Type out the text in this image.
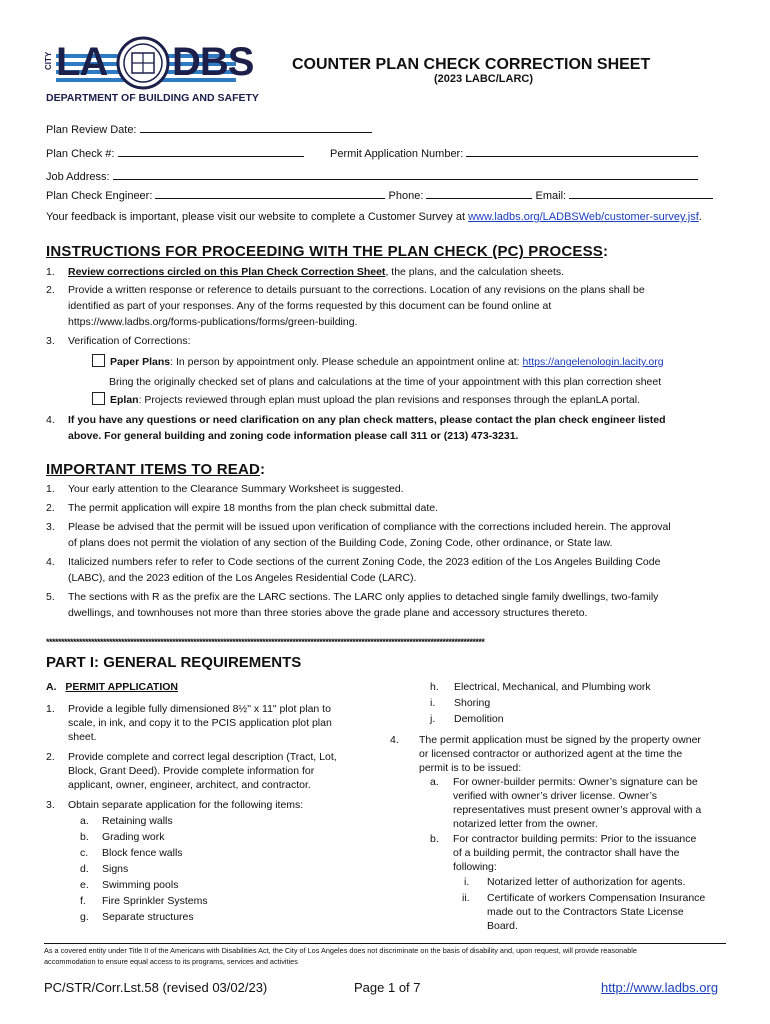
CITY LA DBS
DEPARTMENT OF BUILDING AND SAFETY
COUNTER PLAN CHECK CORRECTION SHEET
(2023 LABC/LARC)
Plan Review Date:
Plan Check #:	Permit Application Number:
Job Address:
Plan Check Engineer:	Phone:	Email:
Your feedback is important, please visit our website to complete a Customer Survey at www.ladbs.org/LADBSWeb/customer-survey.jsf.
INSTRUCTIONS FOR PROCEEDING WITH THE PLAN CHECK (PC) PROCESS:
1. Review corrections circled on this Plan Check Correction Sheet, the plans, and the calculation sheets.
2. Provide a written response or reference to details pursuant to the corrections. Location of any revisions on the plans shall be
identified as part of your responses. Any of the forms requested by this document can be found online at
https://www.ladbs.org/forms-publications/forms/green-building.
3. Verification of Corrections:
Paper Plans: In person by appointment only. Please schedule an appointment online at: https://angelenologin.lacity.org
Bring the originally checked set of plans and calculations at the time of your appointment with this plan correction sheet
Eplan: Projects reviewed through eplan must upload the plan revisions and responses through the eplanLA portal.
4. If you have any questions or need clarification on any plan check matters, please contact the plan check engineer listed
above. For general building and zoning code information please call 311 or (213) 473-3231.
IMPORTANT ITEMS TO READ:
1. Your early attention to the Clearance Summary Worksheet is suggested.
2. The permit application will expire 18 months from the plan check submittal date.
3. Please be advised that the permit will be issued upon verification of compliance with the corrections included herein. The approval
of plans does not permit the violation of any section of the Building Code, Zoning Code, other ordinance, or State law.
4. Italicized numbers refer to refer to Code sections of the current Zoning Code, the 2023 edition of the Los Angeles Building Code
(LABC), and the 2023 edition of the Los Angeles Residential Code (LARC).
5. The sections with R as the prefix are the LARC sections. The LARC only applies to detached single family dwellings, two-family
dwellings, and townhouses not more than three stories above the grade plane and accessory structures thereto.
**************************************************************************************************************************************************
PART I: GENERAL REQUIREMENTS
A. PERMIT APPLICATION
1. Provide a legible fully dimensioned 8½" x 11" plot plan to
scale, in ink, and copy it to the PCIS application plot plan
sheet.
2. Provide complete and correct legal description (Tract, Lot,
Block, Grant Deed). Provide complete information for
applicant, owner, engineer, architect, and contractor.
3. Obtain separate application for the following items:
a. Retaining walls
b. Grading work
c. Block fence walls
d. Signs
e. Swimming pools
f. Fire Sprinkler Systems
g. Separate structures
h. Electrical, Mechanical, and Plumbing work
i. Shoring
j. Demolition
4. The permit application must be signed by the property owner
or licensed contractor or authorized agent at the time the
permit is to be issued:
a. For owner-builder permits: Owner’s signature can be
verified with owner’s driver license. Owner’s
representatives must present owner’s approval with a
notarized letter from the owner.
b. For contractor building permits: Prior to the issuance
of a building permit, the contractor shall have the
following:
i. Notarized letter of authorization for agents.
ii. Certificate of workers Compensation Insurance
made out to the Contractors State License
Board.
As a covered entity under Title II of the Americans with Disabilities Act, the City of Los Angeles does not discriminate on the basis of disability and, upon request, will provide reasonable
accommodation to ensure equal access to its programs, services and activities
PC/STR/Corr.Lst.58 (revised 03/02/23)	Page 1 of 7	http://www.ladbs.org
